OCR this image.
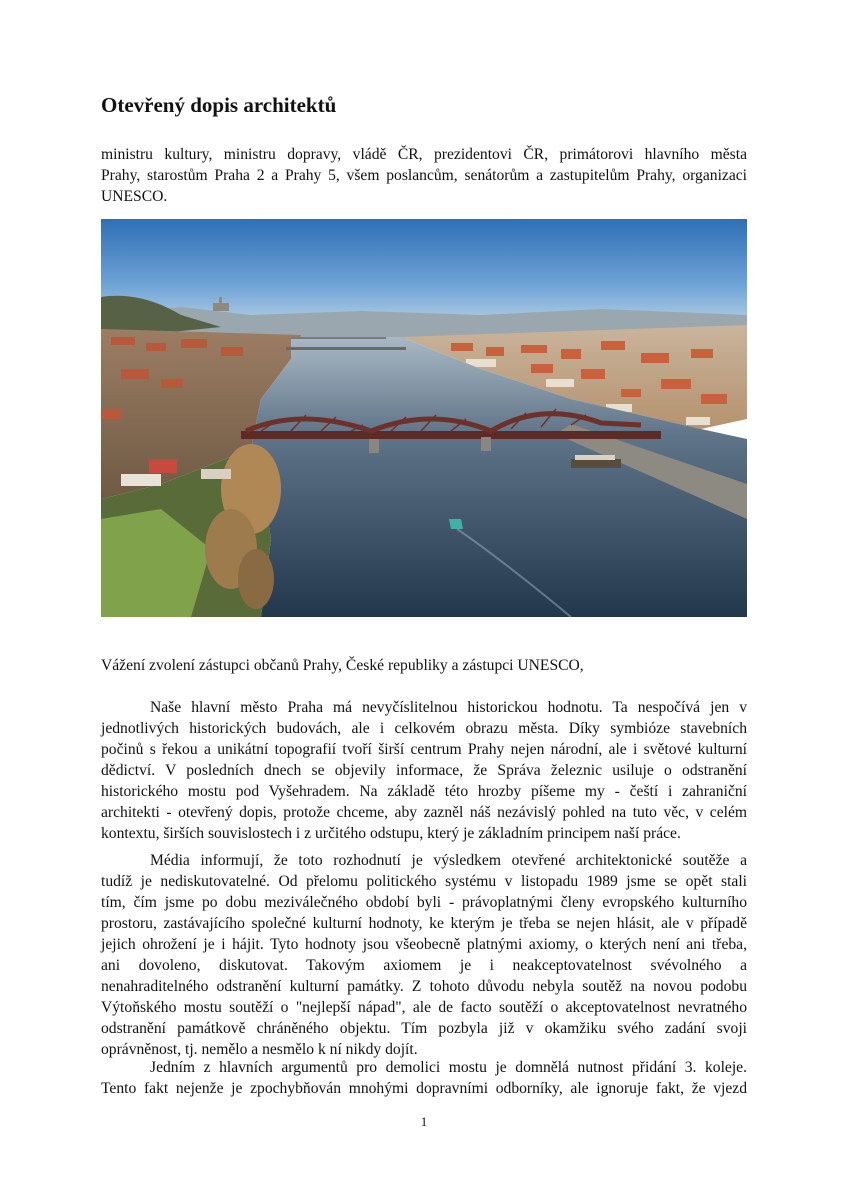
Otevřený dopis architektů

ministru kultury, ministru dopravy, vládě ČR, prezidentovi ČR, primátorovi hlavního města
Prahy, starostům Praha 2 a Prahy 5, všem poslancům, senátorům a zastupitelům Prahy, organizaci
UNESCO.

Vážení zvolení zástupci občanů Prahy, České republiky a zástupci UNESCO,

Naše hlavní město Praha má nevyčíslitelnou historickou hodnotu. Ta nespočívá jen v
jednotlivých historických budovách, ale i celkovém obrazu města. Díky symbióze stavebních
počinů s řekou a unikátní topografií tvoří širší centrum Prahy nejen národní, ale i světové kulturní
dědictví. V posledních dnech se objevily informace, že Správa železnic usiluje o odstranění
historického mostu pod Vyšehradem. Na základě této hrozby píšeme my - čeští i zahraniční
architekti - otevřený dopis, protože chceme, aby zazněl náš nezávislý pohled na tuto věc, v celém
kontextu, širších souvislostech i z určitého odstupu, který je základním principem naší práce.

Média informují, že toto rozhodnutí je výsledkem otevřené architektonické soutěže a
tudíž je nediskutovatelné. Od přelomu politického systému v listopadu 1989 jsme se opět stali
tím, čím jsme po dobu meziválečného období byli - právoplatnými členy evropského kulturního
prostoru, zastávajícího společné kulturní hodnoty, ke kterým je třeba se nejen hlásit, ale v případě
jejich ohrožení je i hájit. Tyto hodnoty jsou všeobecně platnými axiomy, o kterých není ani třeba,
ani dovoleno, diskutovat. Takovým axiomem je i neakceptovatelnost svévolného a
nenahraditelného odstranění kulturní památky. Z tohoto důvodu nebyla soutěž na novou podobu
Výtoňského mostu soutěží o "nejlepší nápad", ale de facto soutěží o akceptovatelnost nevratného
odstranění památkově chráněného objektu. Tím pozbyla již v okamžiku svého zadání svoji
oprávněnost, tj. nemělo a nesmělo k ní nikdy dojít.

Jedním z hlavních argumentů pro demolici mostu je domnělá nutnost přidání 3. koleje.
Tento fakt nejenže je zpochybňován mnohými dopravními odborníky, ale ignoruje fakt, že vjezd

1
